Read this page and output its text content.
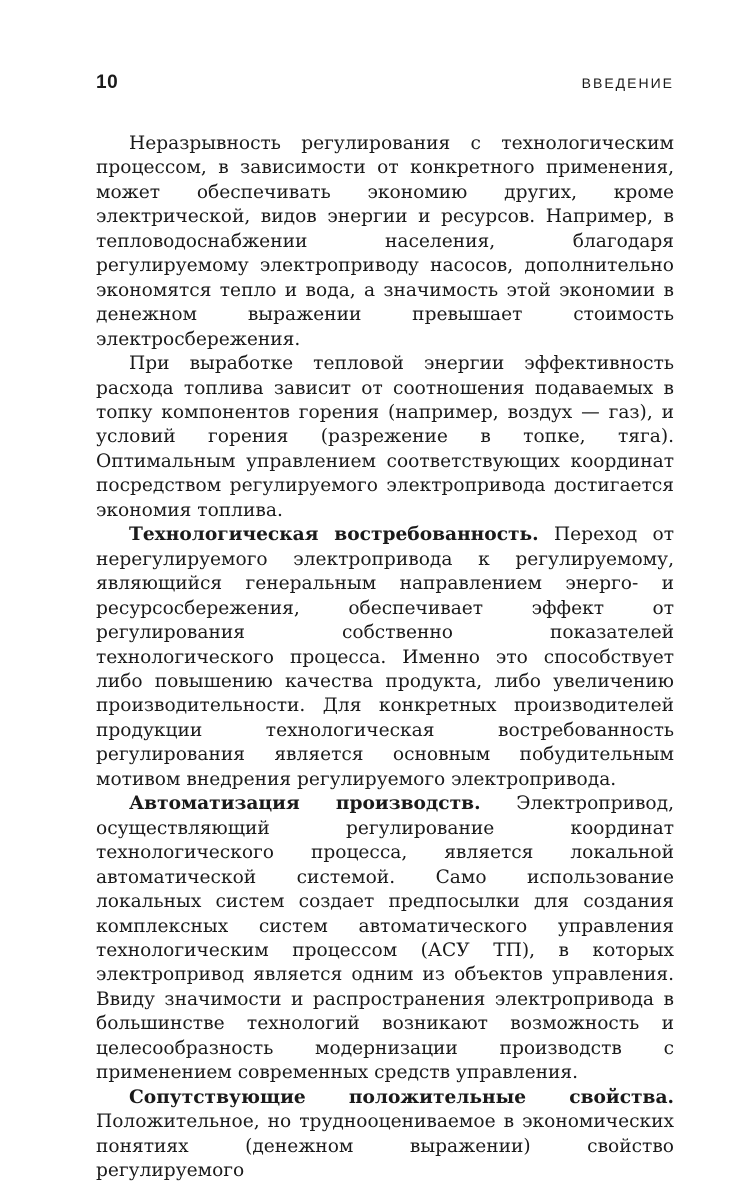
10	ВВЕДЕНИЕ

Неразрывность регулирования с технологическим процессом, в зависимости от конкретного применения, может обеспечивать экономию других, кроме электрической, видов энергии и ресурсов. Например, в тепловодоснабжении населения, благодаря регулируемому электроприводу насосов, дополнительно экономятся тепло и вода, а значимость этой экономии в денежном выражении превышает стоимость электросбережения.

При выработке тепловой энергии эффективность расхода топлива зависит от соотношения подаваемых в топку компонентов горения (например, воздух — газ), и условий горения (разрежение в топке, тяга). Оптимальным управлением соответствующих координат посредством регулируемого электропривода достигается экономия топлива.

Технологическая востребованность. Переход от нерегулируемого электропривода к регулируемому, являющийся генеральным направлением энерго- и ресурсосбережения, обеспечивает эффект от регулирования собственно показателей технологического процесса. Именно это способствует либо повышению качества продукта, либо увеличению производительности. Для конкретных производителей продукции технологическая востребованность регулирования является основным побудительным мотивом внедрения регулируемого электропривода.

Автоматизация производств. Электропривод, осуществляющий регулирование координат технологического процесса, является локальной автоматической системой. Само использование локальных систем создает предпосылки для создания комплексных систем автоматического управления технологическим процессом (АСУ ТП), в которых электропривод является одним из объектов управления. Ввиду значимости и распространения электропривода в большинстве технологий возникают возможность и целесообразность модернизации производств с применением современных средств управления.

Сопутствующие положительные свойства. Положительное, но труднооцениваемое в экономических понятиях (денежном выражении) свойство регулируемого
